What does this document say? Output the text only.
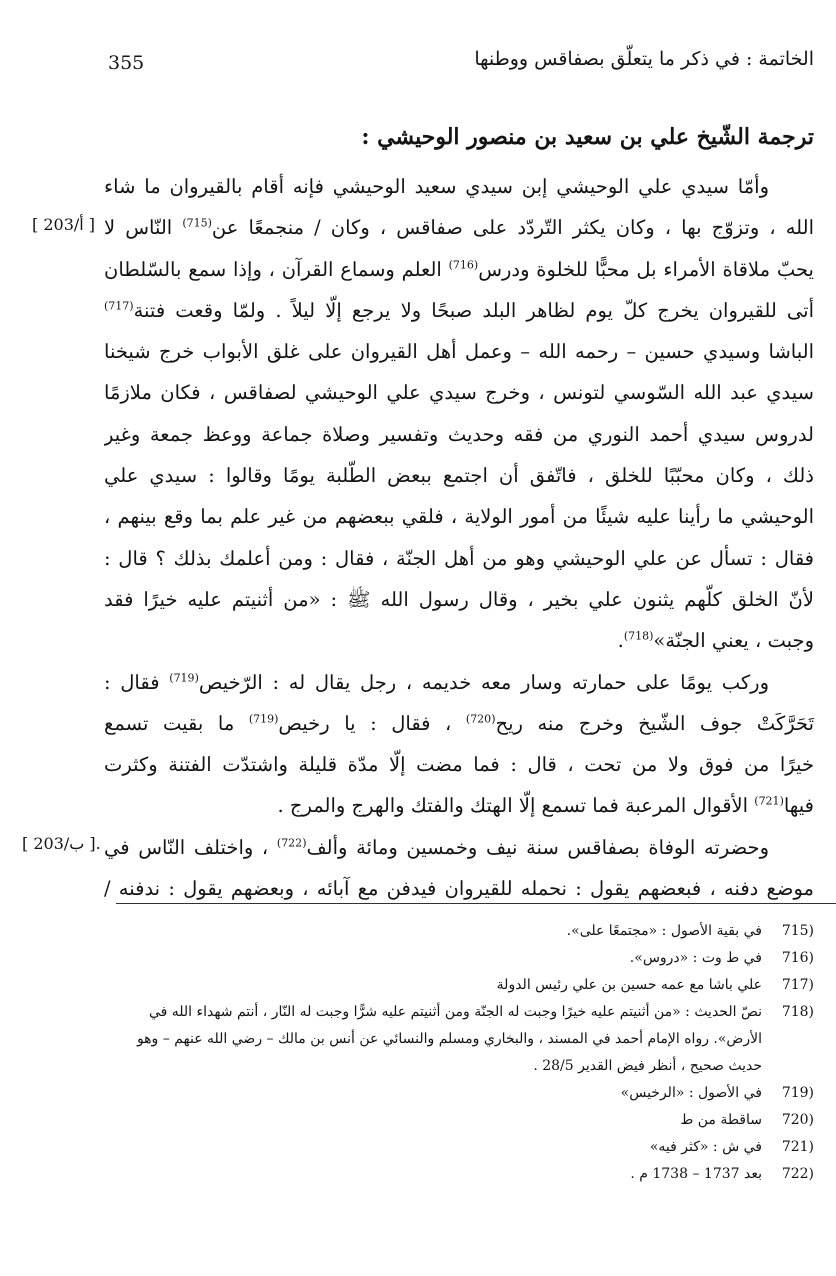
الخاتمة : في ذكر ما يتعلّق بصفاقس ووطنها
355
ترجمة الشّيخ علي بن سعيد بن منصور الوحيشي :
وأمّا سيدي علي الوحيشي إبن سيدي سعيد الوحيشي فإنه أقام بالقيروان ما شاء
الله ، وتزوّج بها ، وكان يكثر التّردّد على صفاقس ، وكان / منجمعًا عن$^{(715)}$ النّاس لا
يحبّ ملاقاة الأمراء بل محبًّا للخلوة ودرس$^{(716)}$ العلم وسماع القرآن ، وإذا سمع بالسّلطان
أتى للقيروان يخرج كلّ يوم لظاهر البلد صبحًا ولا يرجع إلّا ليلاً . ولمّا وقعت فتنة$^{(717)}$
الباشا وسيدي حسين – رحمه الله – وعمل أهل القيروان على غلق الأبواب خرج شيخنا
سيدي عبد الله السّوسي لتونس ، وخرج سيدي علي الوحيشي لصفاقس ، فكان ملازمًا
لدروس سيدي أحمد النوري من فقه وحديث وتفسير وصلاة جماعة ووعظ جمعة وغير
ذلك ، وكان محبّبًا للخلق ، فاتّفق أن اجتمع ببعض الطّلبة يومًا وقالوا : سيدي علي
الوحيشي ما رأينا عليه شيئًا من أمور الولاية ، فلقي ببعضهم من غير علم بما وقع بينهم ،
فقال : تسأل عن علي الوحيشي وهو من أهل الجنّة ، فقال : ومن أعلمك بذلك ؟ قال :
لأنّ الخلق كلّهم يثنون علي بخير ، وقال رسول الله ﷺ : «من أثنيتم عليه خيرًا فقد
وجبت ، يعني الجنّة»$^{(718)}$.
وركب يومًا على حمارته وسار معه خديمه ، رجل يقال له : الرّخيص$^{(719)}$ فقال :
تَحَرَّكَتْ جوف الشّيخ وخرج منه ريح$^{(720)}$ ، فقال : يا رخيص$^{(719)}$ ما بقيت تسمع
خيرًا من فوق ولا من تحت ، قال : فما مضت إلّا مدّة قليلة واشتدّت الفتنة وكثرت
فيها$^{(721)}$ الأقوال المرعبة فما تسمع إلّا الهتك والفتك والهرج والمرج .
وحضرته الوفاة بصفاقس سنة نيف وخمسين ومائة وألف$^{(722)}$ ، واختلف النّاس في
موضع دفنه ، فبعضهم يقول : نحمله للقيروان فيدفن مع آبائه ، وبعضهم يقول : ندفنه /
[ 203/أ ]
[ 203/ب ].
715)
في بقية الأصول : «مجتمعًا على».
716)
في ط وت : «دروس».
717)
علي باشا مع عمه حسين بن علي رئيس الدولة
718)
نصّ الحديث : «من أثنيتم عليه خيرًا وجبت له الجنّة ومن أثنيتم عليه شرًّا وجبت له النّار ، أنتم شهداء الله في
الأرض». رواه الإمام أحمد في المسند ، والبخاري ومسلم والنسائي عن أنس بن مالك – رضي الله عنهم – وهو
حديث صحيح ، أنظر فيض القدير 28/5 .
719)
في الأصول : «الرخيس»
720)
ساقطة من ط
721)
في ش : «كثر فيه»
722)
بعد 1737 – 1738 م .
